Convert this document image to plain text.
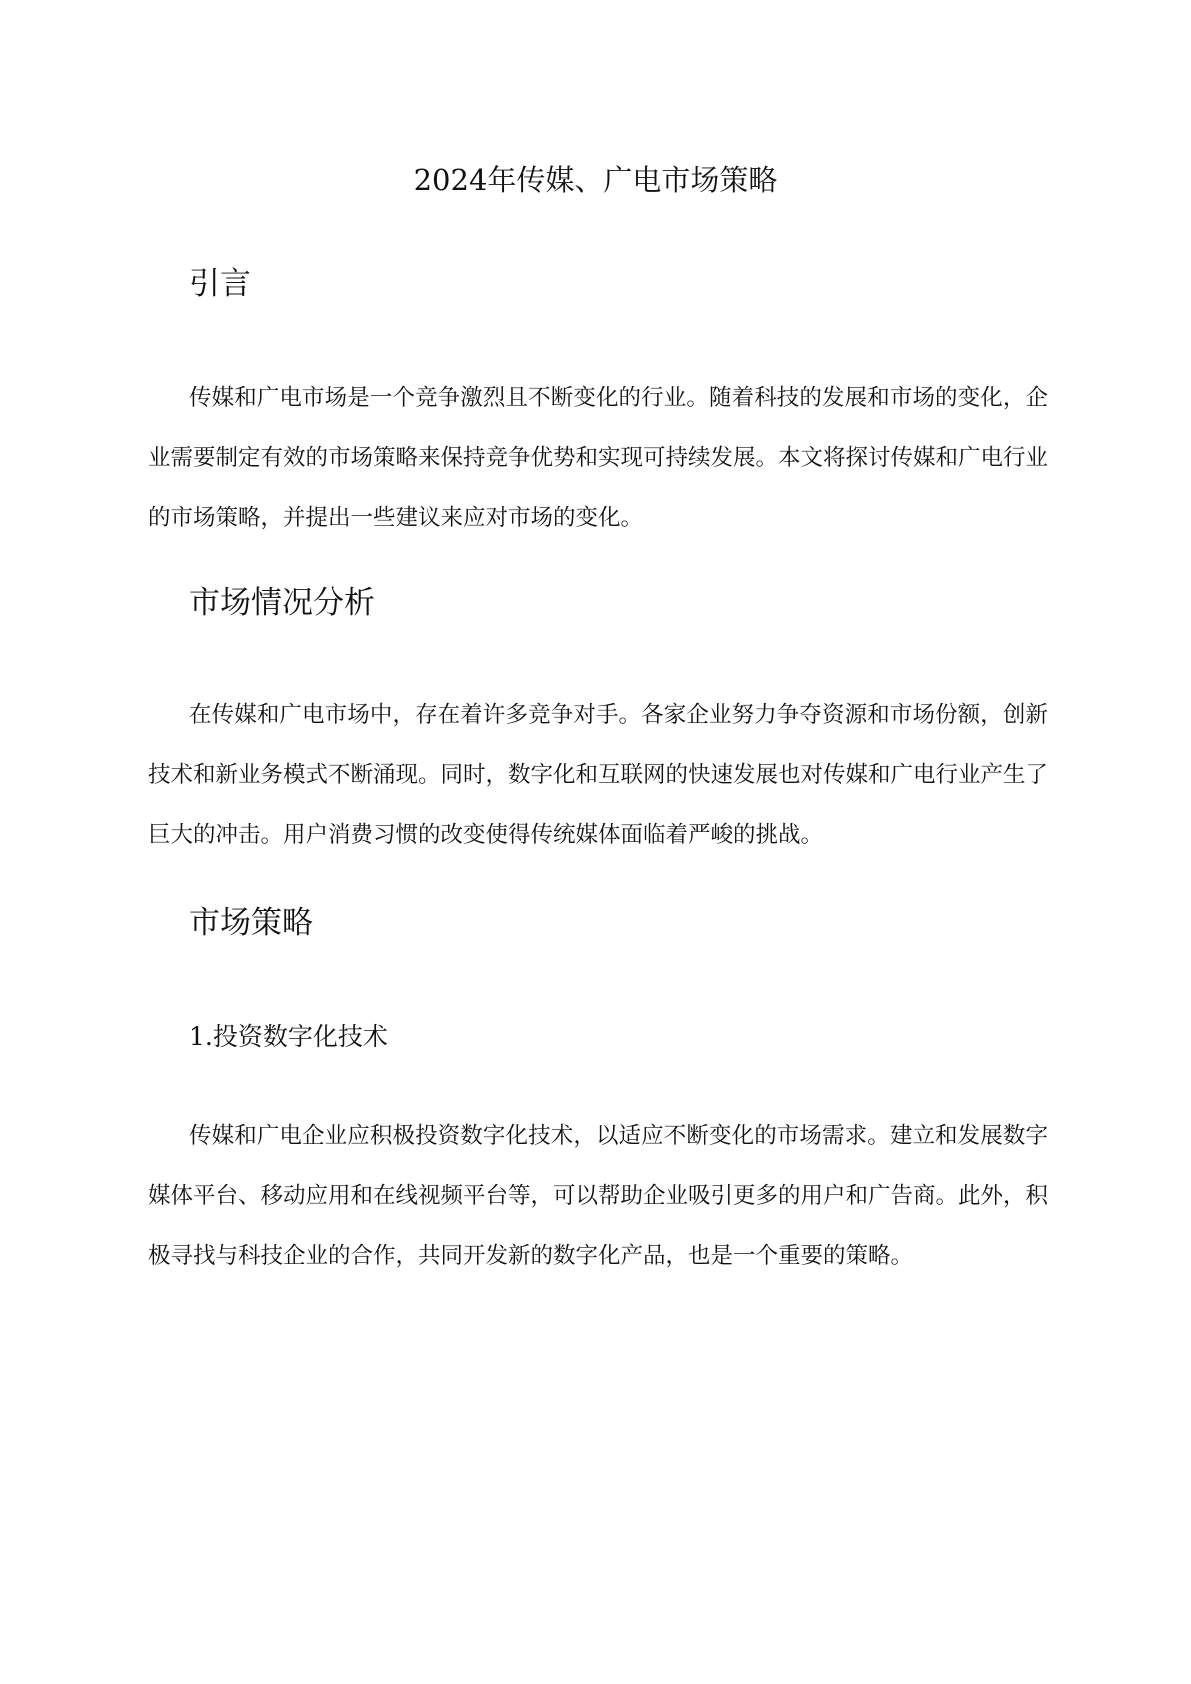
2024年传媒、广电市场策略
引言

传媒和广电市场是一个竞争激烈且不断变化的行业。随着科技的发展和市场的变化，企业需要制定有效的市场策略来保持竞争优势和实现可持续发展。本文将探讨传媒和广电行业的市场策略，并提出一些建议来应对市场的变化。

市场情况分析

在传媒和广电市场中，存在着许多竞争对手。各家企业努力争夺资源和市场份额，创新技术和新业务模式不断涌现。同时，数字化和互联网的快速发展也对传媒和广电行业产生了巨大的冲击。用户消费习惯的改变使得传统媒体面临着严峻的挑战。

市场策略
1.投资数字化技术

传媒和广电企业应积极投资数字化技术，以适应不断变化的市场需求。建立和发展数字媒体平台、移动应用和在线视频平台等，可以帮助企业吸引更多的用户和广告商。此外，积极寻找与科技企业的合作，共同开发新的数字化产品，也是一个重要的策略。
